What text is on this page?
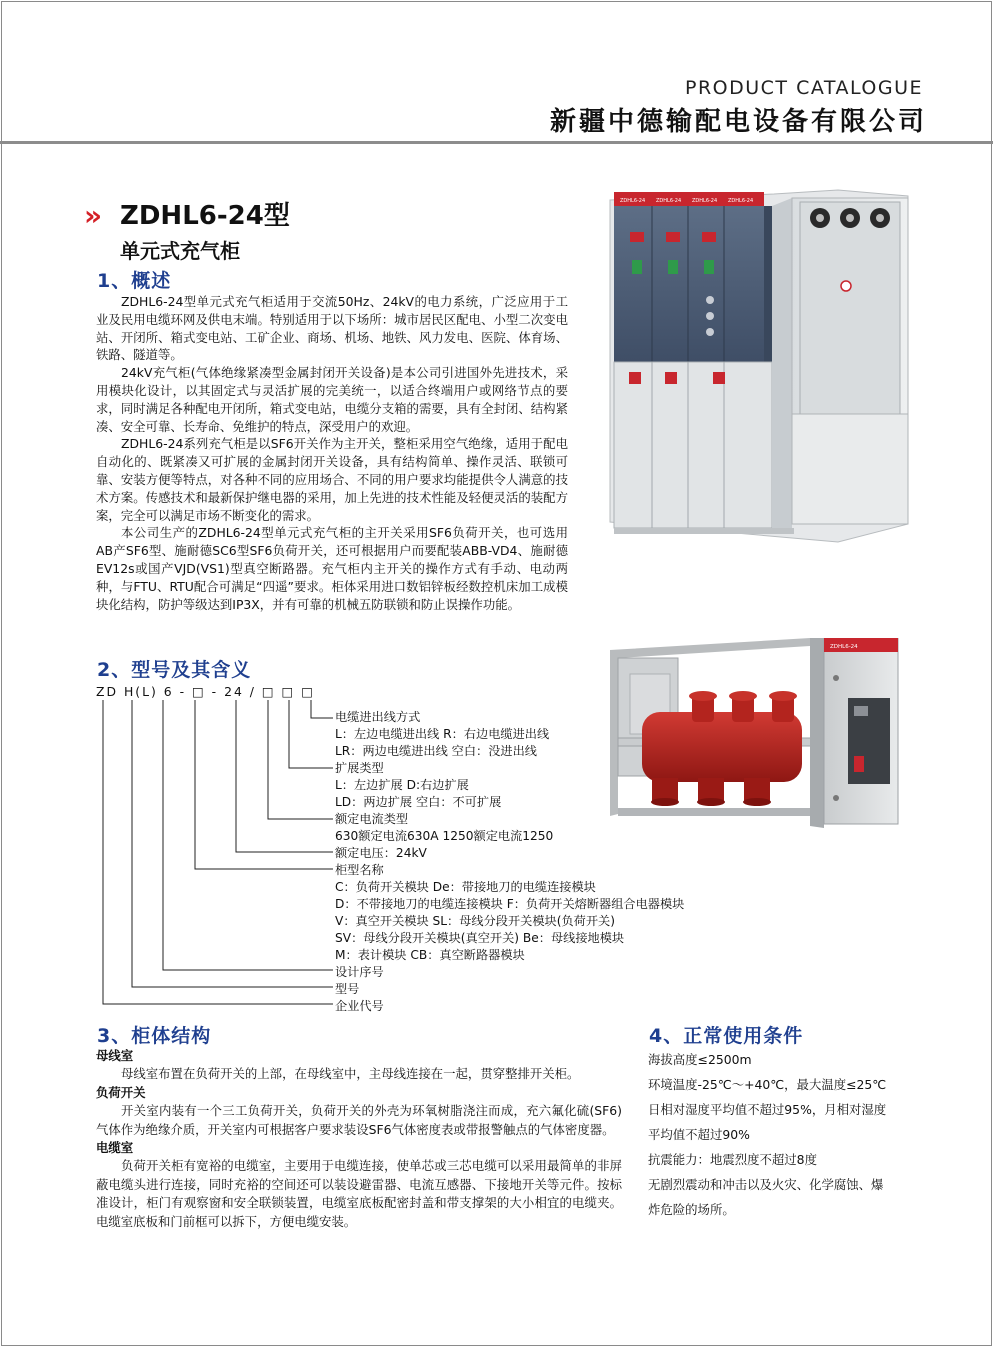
PRODUCT CATALOGUE
新疆中德输配电设备有限公司
» ZDHL6-24型
单元式充气柜
1、概述

ZDHL6-24型单元式充气柜适用于交流50Hz、24kV的电力系统，广泛应用于工业及民用电缆环网及供电末端。特别适用于以下场所：城市居民区配电、小型二次变电站、开闭所、箱式变电站、工矿企业、商场、机场、地铁、风力发电、医院、体育场、铁路、隧道等。

24kV充气柜(气体绝缘紧凑型金属封闭开关设备)是本公司引进国外先进技术，采用模块化设计，以其固定式与灵活扩展的完美统一，以适合终端用户或网络节点的要求，同时满足各种配电开闭所，箱式变电站，电缆分支箱的需要，具有全封闭、结构紧凑、安全可靠、长寿命、免维护的特点，深受用户的欢迎。

ZDHL6-24系列充气柜是以SF6开关作为主开关，整柜采用空气绝缘，适用于配电自动化的、既紧凑又可扩展的金属封闭开关设备，具有结构简单、操作灵活、联锁可靠、安装方便等特点，对各种不同的应用场合、不同的用户要求均能提供令人满意的技术方案。传感技术和最新保护继电器的采用，加上先进的技术性能及轻便灵活的装配方案，完全可以满足市场不断变化的需求。

本公司生产的ZDHL6-24型单元式充气柜的主开关采用SF6负荷开关，也可选用AB产SF6型、施耐德SC6型SF6负荷开关，还可根据用户而要配装ABB-VD4、施耐德EV12s或国产VJD(VS1)型真空断路器。充气柜内主开关的操作方式有手动、电动两种，与FTU、RTU配合可满足“四遥”要求。柜体采用进口数铝锌板经数控机床加工成模块化结构，防护等级达到IP3X，并有可靠的机械五防联锁和防止误操作功能。

2、型号及其含义
ZD H(L) 6 - □ - 24 / □ □ □
电缆进出线方式
L：左边电缆进出线 R：右边电缆进出线
LR：两边电缆进出线 空白：没进出线
扩展类型
L：左边扩展 D:右边扩展
LD：两边扩展 空白：不可扩展
额定电流类型
630额定电流630A 1250额定电流1250
额定电压：24kV
柜型名称
C：负荷开关模块 De：带接地刀的电缆连接模块
D：不带接地刀的电缆连接模块 F：负荷开关熔断器组合电器模块
V：真空开关模块 SL：母线分段开关模块(负荷开关)
SV：母线分段开关模块(真空开关) Be：母线接地模块
M：表计模块 CB：真空断路器模块
设计序号
型号
企业代号
3、柜体结构
母线室
母线室布置在负荷开关的上部，在母线室中，主母线连接在一起，贯穿整排开关柜。
负荷开关
开关室内装有一个三工负荷开关，负荷开关的外壳为环氧树脂浇注而成，充六氟化硫(SF6)气体作为绝缘介质，开关室内可根据客户要求装设SF6气体密度表或带报警触点的气体密度器。
电缆室
负荷开关柜有宽裕的电缆室，主要用于电缆连接，使单芯或三芯电缆可以采用最简单的非屏蔽电缆头进行连接，同时充裕的空间还可以装设避雷器、电流互感器、下接地开关等元件。按标准设计，柜门有观察窗和安全联锁装置，电缆室底板配密封盖和带支撑架的大小相宜的电缆夹。电缆室底板和门前框可以拆下，方便电缆安装。
4、正常使用条件
海拔高度≤2500m
环境温度-25℃～+40℃，最大温度≤25℃
日相对湿度平均值不超过95%，月相对湿度
平均值不超过90%
抗震能力：地震烈度不超过8度
无剧烈震动和冲击以及火灾、化学腐蚀、爆
炸危险的场所。
ZDHL6-24 ZDHL6-24 ZDHL6-24 ZDHL6-24
ZDHL6-24
